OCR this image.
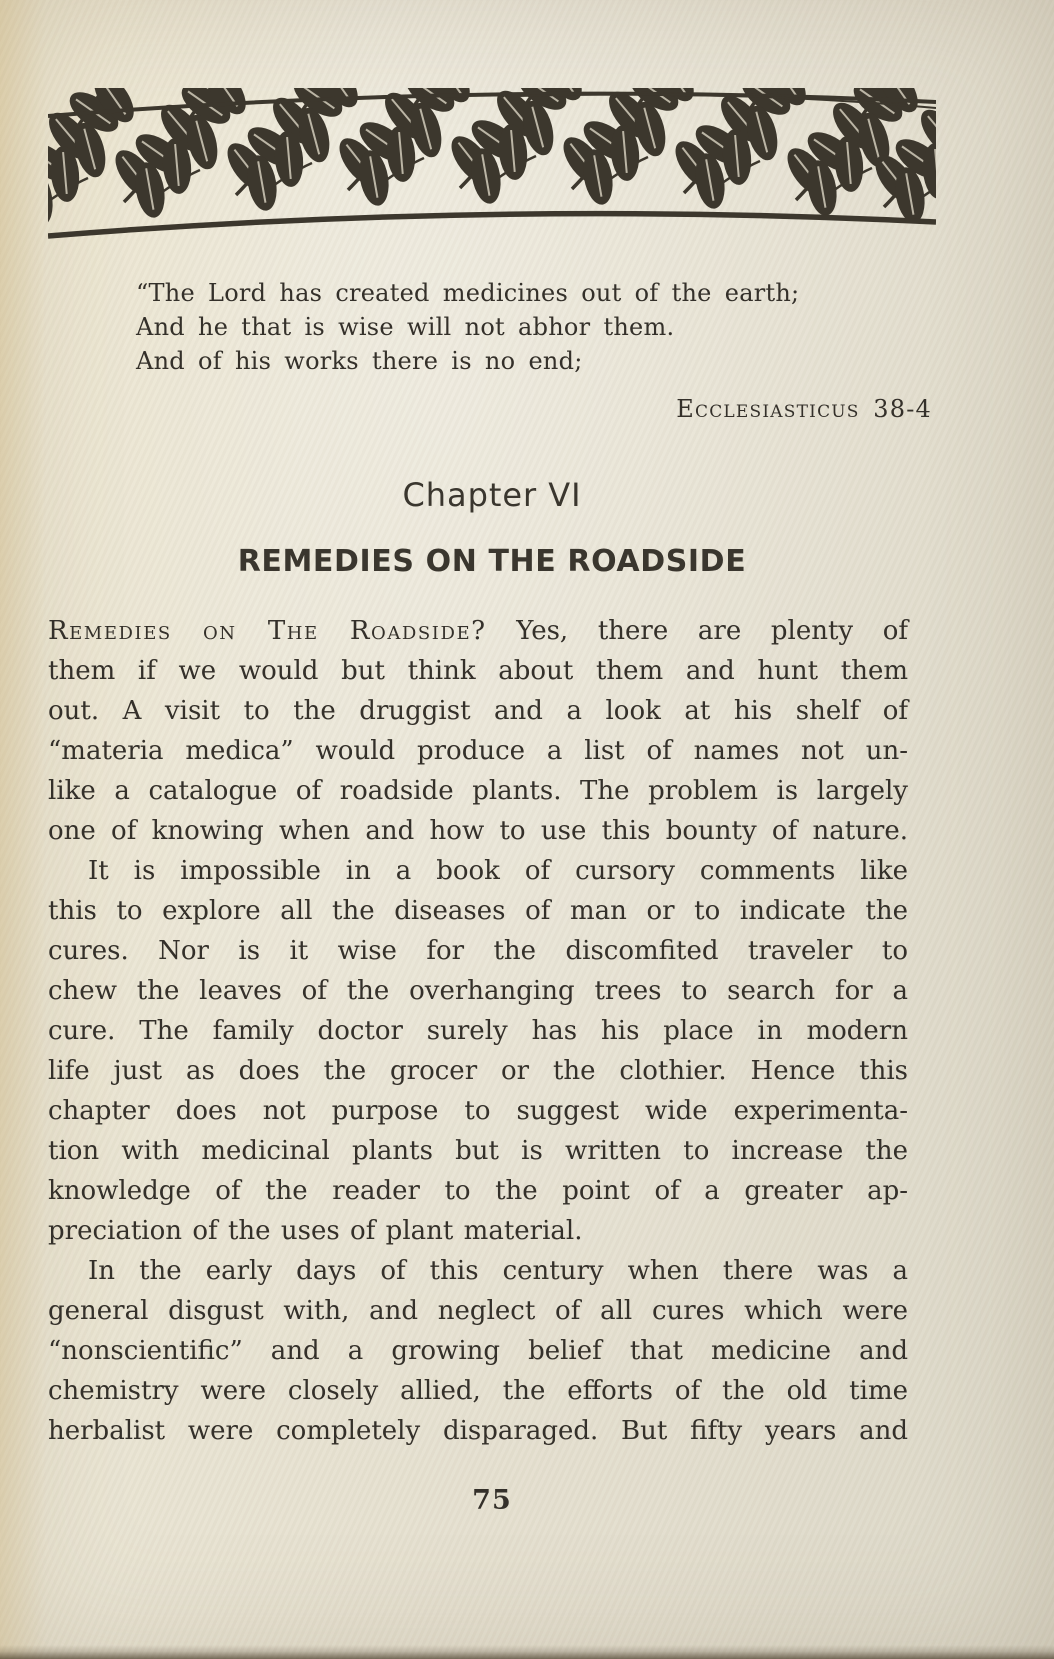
“The Lord has created medicines out of the earth;
And he that is wise will not abhor them.
And of his works there is no end;
Ecclesiasticus 38-4
Chapter VI
REMEDIES ON THE ROADSIDE
Remedies on The Roadside? Yes, there are plenty of
them if we would but think about them and hunt them
out. A visit to the druggist and a look at his shelf of
“materia medica” would produce a list of names not un-
like a catalogue of roadside plants. The problem is largely
one of knowing when and how to use this bounty of nature.
It is impossible in a book of cursory comments like
this to explore all the diseases of man or to indicate the
cures. Nor is it wise for the discomfited traveler to
chew the leaves of the overhanging trees to search for a
cure. The family doctor surely has his place in modern
life just as does the grocer or the clothier. Hence this
chapter does not purpose to suggest wide experimenta-
tion with medicinal plants but is written to increase the
knowledge of the reader to the point of a greater ap-
preciation of the uses of plant material.
In the early days of this century when there was a
general disgust with, and neglect of all cures which were
“nonscientific” and a growing belief that medicine and
chemistry were closely allied, the efforts of the old time
herbalist were completely disparaged. But fifty years and
75
